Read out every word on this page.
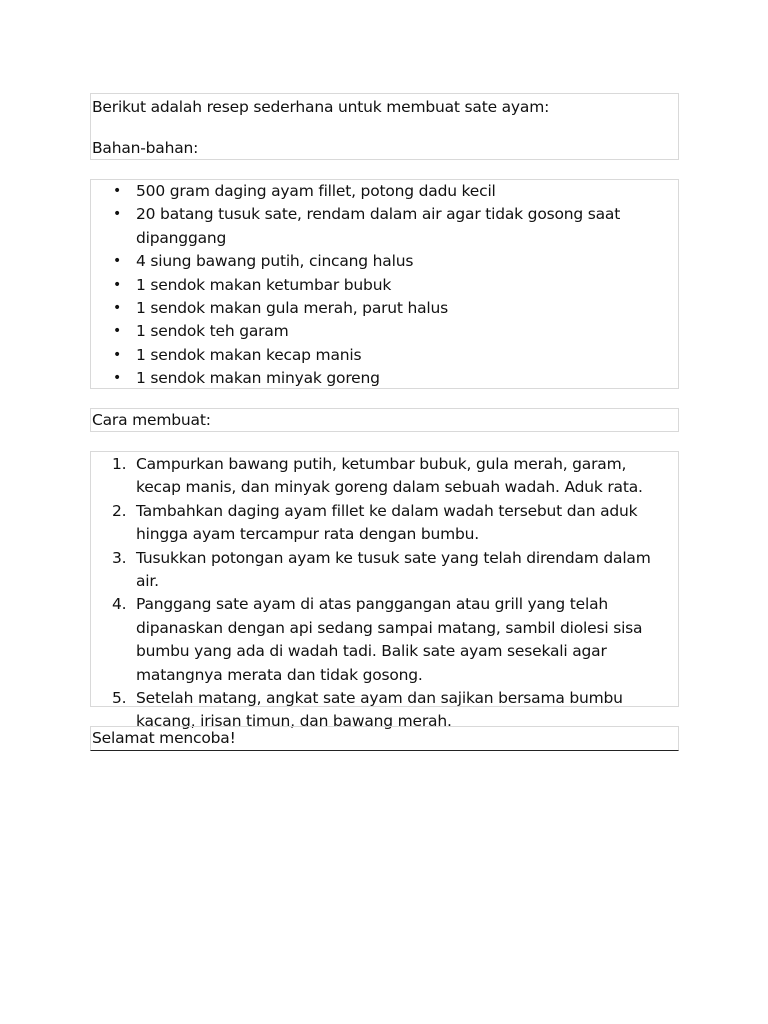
Berikut adalah resep sederhana untuk membuat sate ayam:
Bahan-bahan:
• 500 gram daging ayam fillet, potong dadu kecil
• 20 batang tusuk sate, rendam dalam air agar tidak gosong saat dipanggang
• 4 siung bawang putih, cincang halus
• 1 sendok makan ketumbar bubuk
• 1 sendok makan gula merah, parut halus
• 1 sendok teh garam
• 1 sendok makan kecap manis
• 1 sendok makan minyak goreng
Cara membuat:
1. Campurkan bawang putih, ketumbar bubuk, gula merah, garam, kecap manis, dan minyak goreng dalam sebuah wadah. Aduk rata.
2. Tambahkan daging ayam fillet ke dalam wadah tersebut dan aduk hingga ayam tercampur rata dengan bumbu.
3. Tusukkan potongan ayam ke tusuk sate yang telah direndam dalam air.
4. Panggang sate ayam di atas panggangan atau grill yang telah dipanaskan dengan api sedang sampai matang, sambil diolesi sisa bumbu yang ada di wadah tadi. Balik sate ayam sesekali agar matangnya merata dan tidak gosong.
5. Setelah matang, angkat sate ayam dan sajikan bersama bumbu kacang, irisan timun, dan bawang merah.
Selamat mencoba!
